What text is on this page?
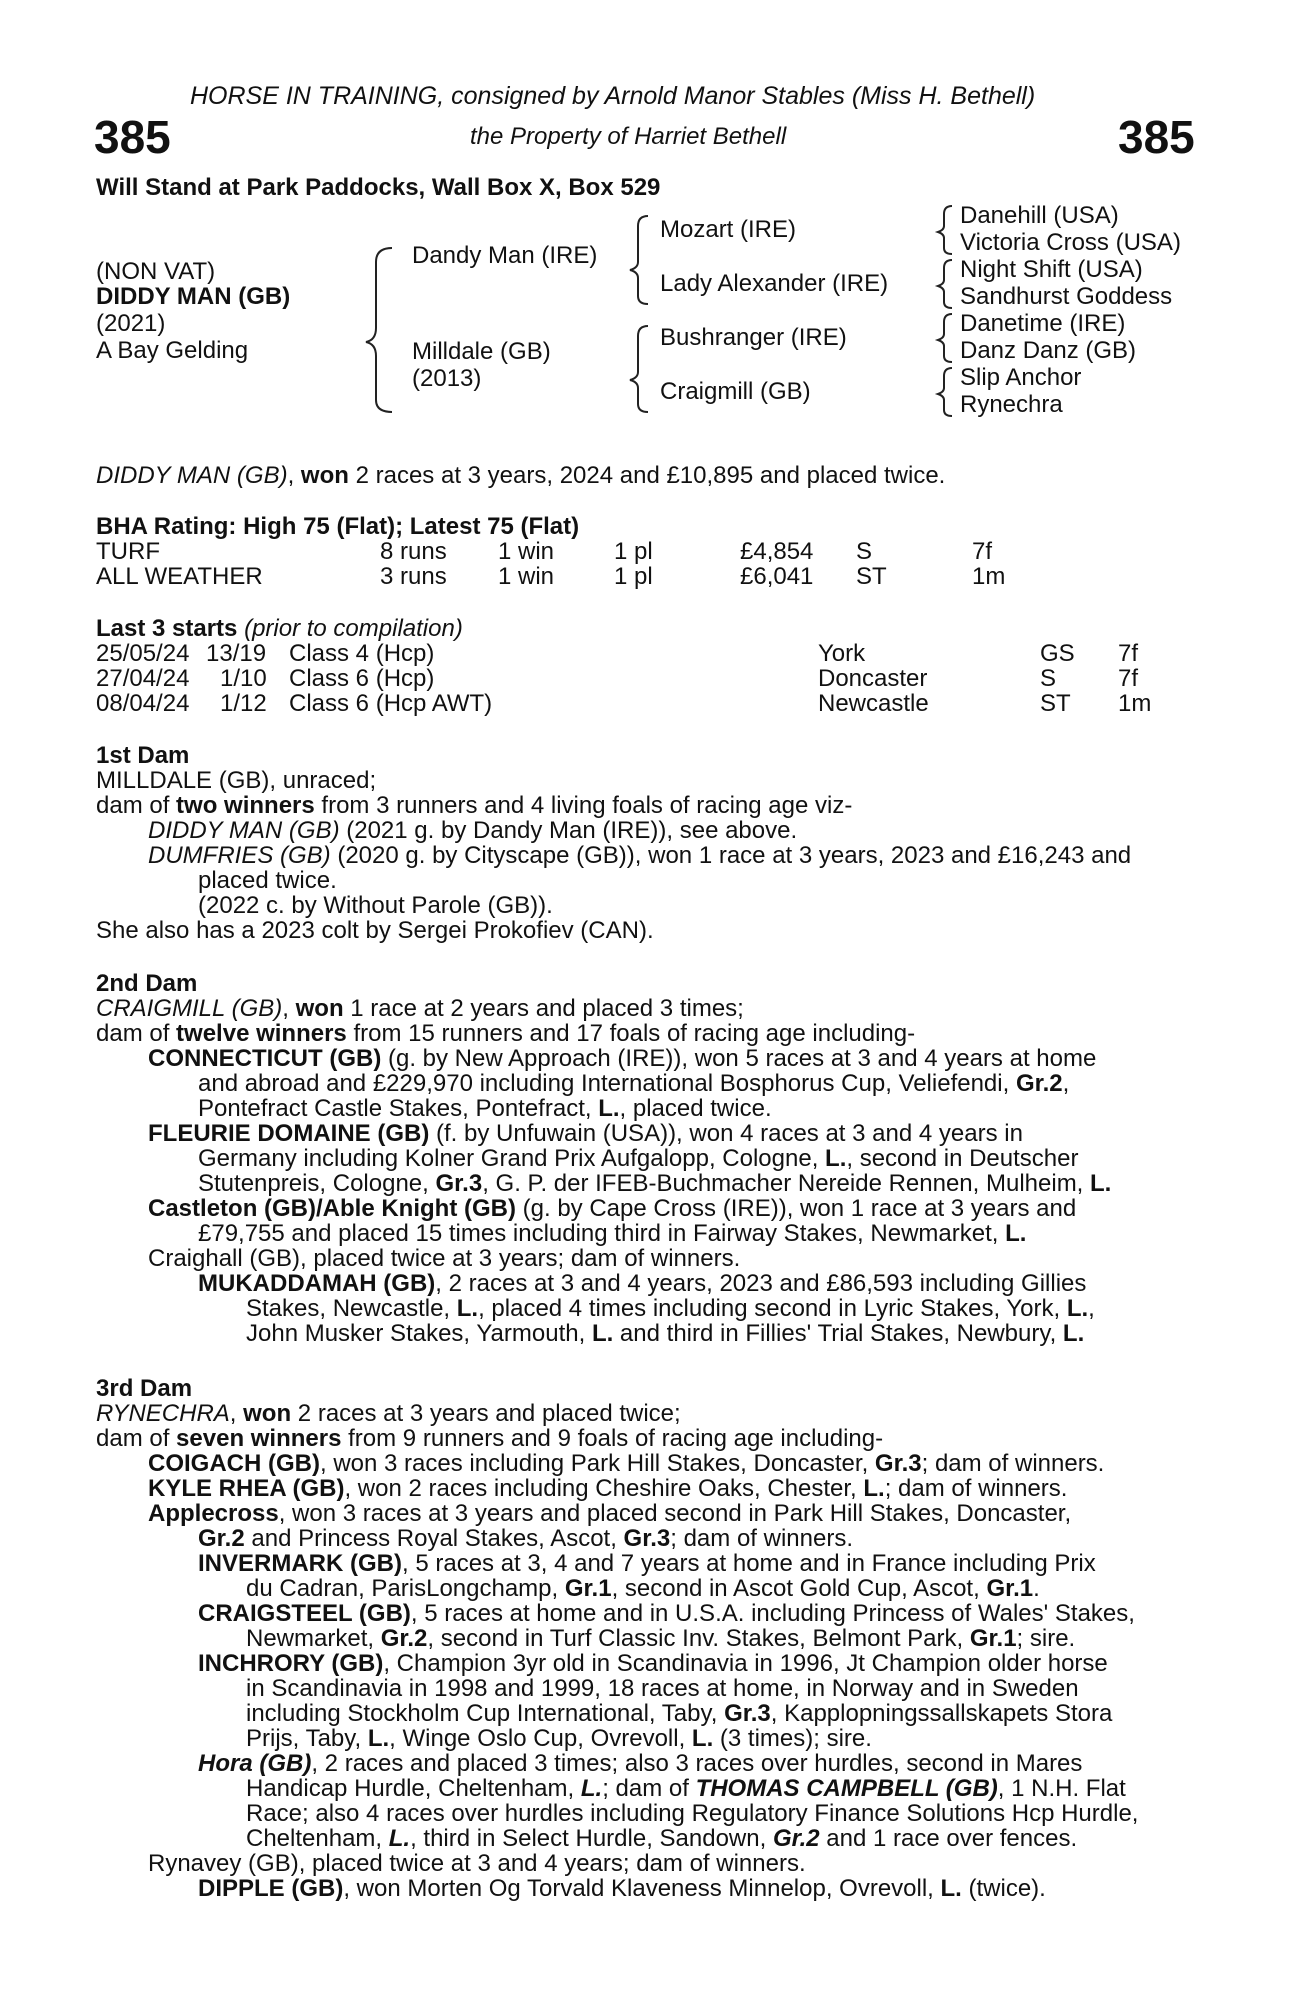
HORSE IN TRAINING, consigned by Arnold Manor Stables (Miss H. Bethell)
385	the Property of Harriet Bethell	385
Will Stand at Park Paddocks, Wall Box X, Box 529
(NON VAT)
DIDDY MAN (GB)
(2021)
A Bay Gelding
Dandy Man (IRE)
Milldale (GB)
(2013)
Mozart (IRE)
Lady Alexander (IRE)
Bushranger (IRE)
Craigmill (GB)
Danehill (USA)
Victoria Cross (USA)
Night Shift (USA)
Sandhurst Goddess
Danetime (IRE)
Danz Danz (GB)
Slip Anchor
Rynechra
DIDDY MAN (GB), won 2 races at 3 years, 2024 and £10,895 and placed twice.
BHA Rating: High 75 (Flat); Latest 75 (Flat)
TURF	8 runs 1 win 1 pl	£4,854 S	7f
ALL WEATHER	3 runs 1 win 1 pl	£6,041 ST	1m
Last 3 starts (prior to compilation)
25/05/24 13/19 Class 4 (Hcp)	York	GS 7f
27/04/24 1/10 Class 6 (Hcp)	Doncaster	S	7f
08/04/24 1/12 Class 6 (Hcp AWT)	Newcastle	ST 1m
1st Dam
MILLDALE (GB), unraced;
dam of two winners from 3 runners and 4 living foals of racing age viz-
DIDDY MAN (GB) (2021 g. by Dandy Man (IRE)), see above.
DUMFRIES (GB) (2020 g. by Cityscape (GB)), won 1 race at 3 years, 2023 and £16,243 and
placed twice.
(2022 c. by Without Parole (GB)).
She also has a 2023 colt by Sergei Prokofiev (CAN).
2nd Dam
CRAIGMILL (GB), won 1 race at 2 years and placed 3 times;
dam of twelve winners from 15 runners and 17 foals of racing age including-
CONNECTICUT (GB) (g. by New Approach (IRE)), won 5 races at 3 and 4 years at home
and abroad and £229,970 including International Bosphorus Cup, Veliefendi, Gr.2,
Pontefract Castle Stakes, Pontefract, L., placed twice.
FLEURIE DOMAINE (GB) (f. by Unfuwain (USA)), won 4 races at 3 and 4 years in
Germany including Kolner Grand Prix Aufgalopp, Cologne, L., second in Deutscher
Stutenpreis, Cologne, Gr.3, G. P. der IFEB-Buchmacher Nereide Rennen, Mulheim, L.
Castleton (GB)/Able Knight (GB) (g. by Cape Cross (IRE)), won 1 race at 3 years and
£79,755 and placed 15 times including third in Fairway Stakes, Newmarket, L.
Craighall (GB), placed twice at 3 years; dam of winners.
MUKADDAMAH (GB), 2 races at 3 and 4 years, 2023 and £86,593 including Gillies
Stakes, Newcastle, L., placed 4 times including second in Lyric Stakes, York, L.,
John Musker Stakes, Yarmouth, L. and third in Fillies' Trial Stakes, Newbury, L.
3rd Dam
RYNECHRA, won 2 races at 3 years and placed twice;
dam of seven winners from 9 runners and 9 foals of racing age including-
COIGACH (GB), won 3 races including Park Hill Stakes, Doncaster, Gr.3; dam of winners.
KYLE RHEA (GB), won 2 races including Cheshire Oaks, Chester, L.; dam of winners.
Applecross, won 3 races at 3 years and placed second in Park Hill Stakes, Doncaster,
Gr.2 and Princess Royal Stakes, Ascot, Gr.3; dam of winners.
INVERMARK (GB), 5 races at 3, 4 and 7 years at home and in France including Prix
du Cadran, ParisLongchamp, Gr.1, second in Ascot Gold Cup, Ascot, Gr.1.
CRAIGSTEEL (GB), 5 races at home and in U.S.A. including Princess of Wales' Stakes,
Newmarket, Gr.2, second in Turf Classic Inv. Stakes, Belmont Park, Gr.1; sire.
INCHRORY (GB), Champion 3yr old in Scandinavia in 1996, Jt Champion older horse
in Scandinavia in 1998 and 1999, 18 races at home, in Norway and in Sweden
including Stockholm Cup International, Taby, Gr.3, Kapplopningssallskapets Stora
Prijs, Taby, L., Winge Oslo Cup, Ovrevoll, L. (3 times); sire.
Hora (GB), 2 races and placed 3 times; also 3 races over hurdles, second in Mares
Handicap Hurdle, Cheltenham, L.; dam of THOMAS CAMPBELL (GB), 1 N.H. Flat
Race; also 4 races over hurdles including Regulatory Finance Solutions Hcp Hurdle,
Cheltenham, L., third in Select Hurdle, Sandown, Gr.2 and 1 race over fences.
Rynavey (GB), placed twice at 3 and 4 years; dam of winners.
DIPPLE (GB), won Morten Og Torvald Klaveness Minnelop, Ovrevoll, L. (twice).
